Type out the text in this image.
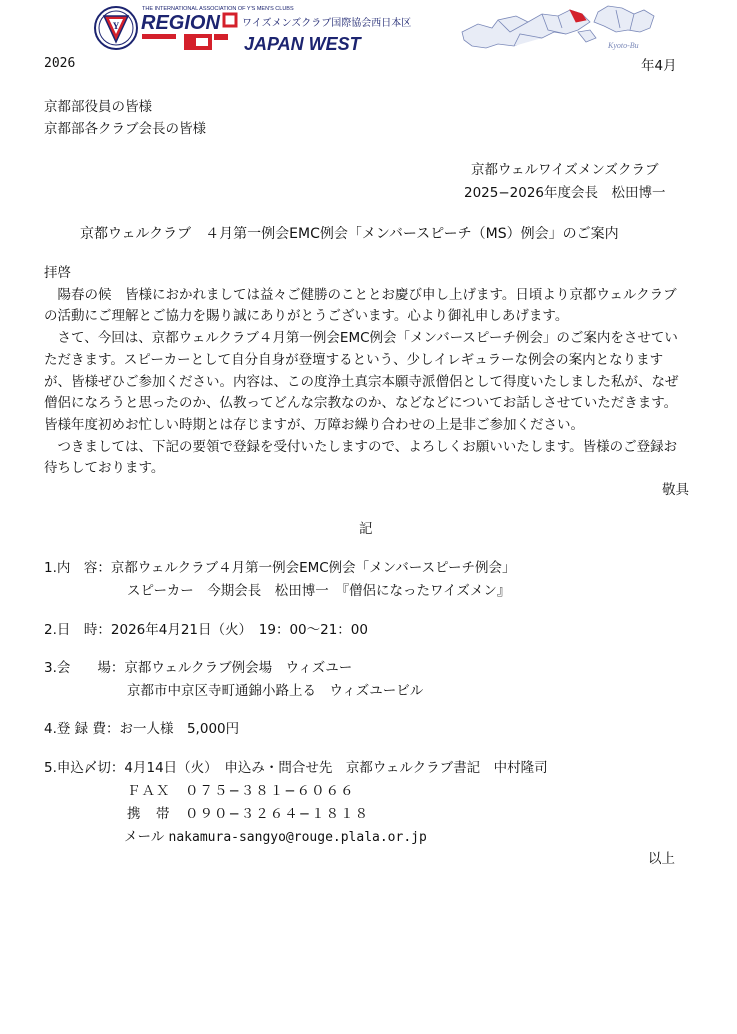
Y
THE INTERNATIONAL ASSOCIATION OF Y'S MEN'S CLUBS
REGION ワイズメンズクラブ国際協会西日本区
JAPAN WEST	Kyoto-Bu
2026	年4月
京都部役員の皆様
京都部各クラブ会長の皆様
京都ウェルワイズメンズクラブ
2025−2026年度会長　松田博一
京都ウェルクラブ　４月第一例会EMC例会「メンバースピーチ（MS）例会」のご案内

拝啓

陽春の候　皆様におかれましては益々ご健勝のこととお慶び申し上げます。日頃より京都ウェルクラブの活動にご理解とご協力を賜り誠にありがとうございます。心より御礼申しあげます。

さて、今回は、京都ウェルクラブ４月第一例会EMC例会「メンバースピーチ例会」のご案内をさせていただきます。スピーカーとして自分自身が登壇するという、少しイレギュラーな例会の案内となりますが、皆様ぜひご参加ください。内容は、この度浄土真宗本願寺派僧侶として得度いたしました私が、なぜ僧侶になろうと思ったのか、仏教ってどんな宗教なのか、などなどについてお話しさせていただきます。皆様年度初めお忙しい時期とは存じますが、万障お繰り合わせの上是非ご参加ください。

つきましては、下記の要領で登録を受付いたしますので、よろしくお願いいたします。皆様のご登録お待ちしております。

敬具

記
1.内　容：京都ウェルクラブ４月第一例会EMC例会「メンバースピーチ例会」
スピーカー　今期会長　松田博一　『僧侶になったワイズメン』
2.日　時：2026年4月21日（火）　19：00〜21：00
3.会　　場：京都ウェルクラブ例会場　ウィズユー
京都市中京区寺町通錦小路上る　ウィズユービル
4.登 録 費：お一人様　5,000円
5.申込〆切：4月14日（火）　申込み・問合せ先　京都ウェルクラブ書記　中村隆司
ＦＡＸ　０７５−３８１−６０６６
携　帯　０９０−３２６４−１８１８
メール nakamura-sangyo@rouge.plala.or.jp
以上
